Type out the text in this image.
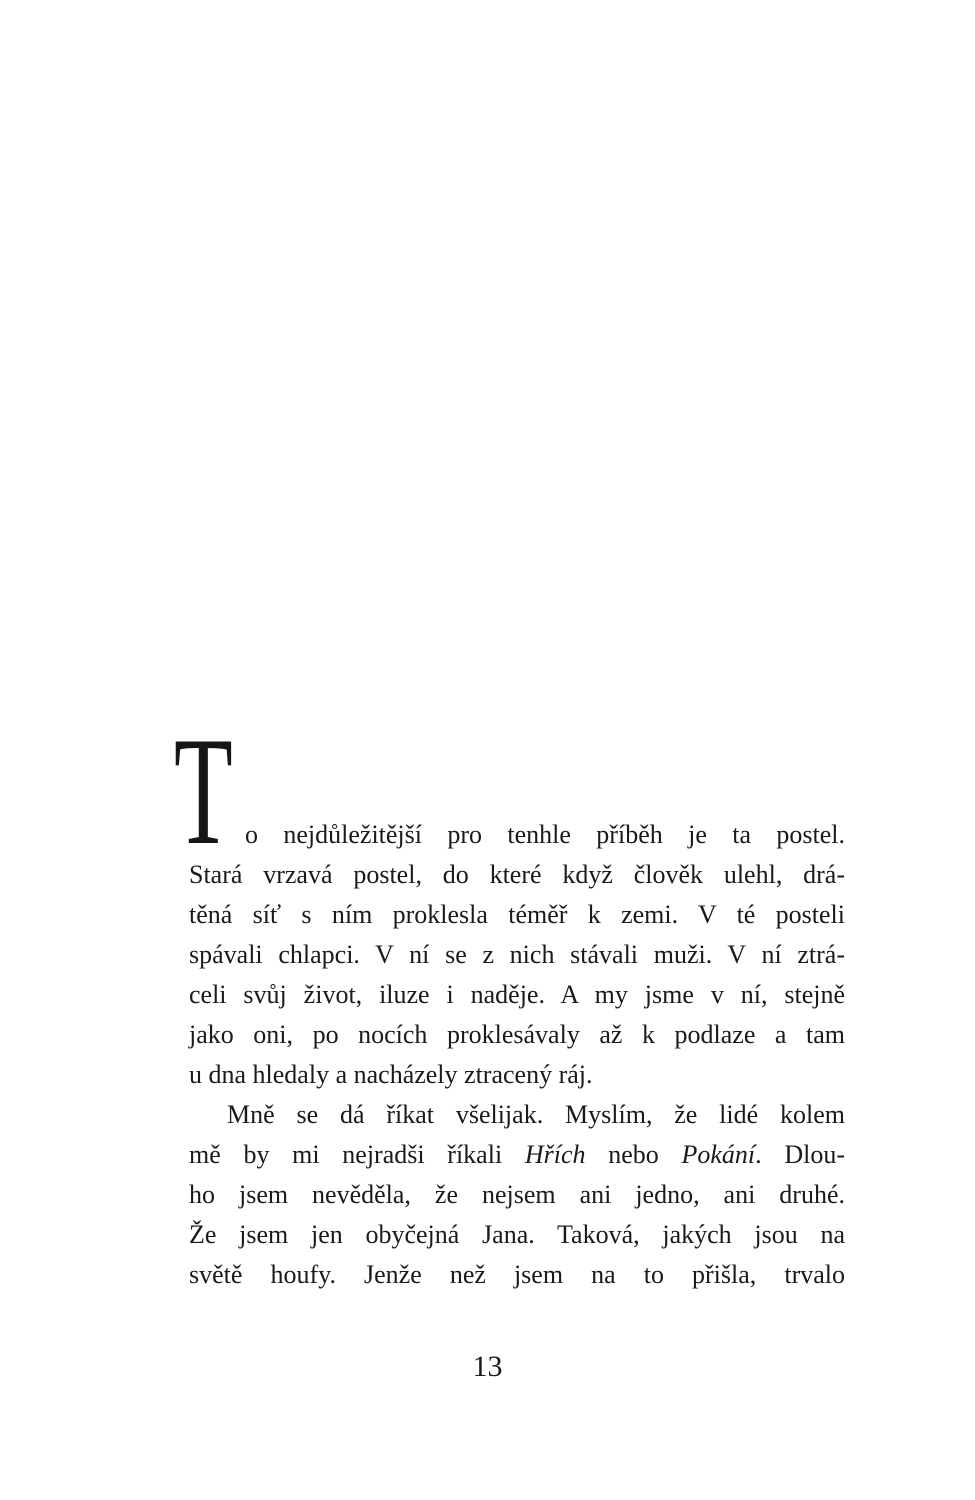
T o nejdůležitější pro tenhle příběh je ta postel.
Stará vrzavá postel, do které když člověk ulehl, drá-
těná síť s ním proklesla téměř k zemi. V té posteli
spávali chlapci. V ní se z nich stávali muži. V ní ztrá-
celi svůj život, iluze i naděje. A my jsme v ní, stejně
jako oni, po nocích proklesávaly až k podlaze a tam
u dna hledaly a nacházely ztracený ráj.
Mně se dá říkat všelijak. Myslím, že lidé kolem
mě by mi nejradši říkali Hřích nebo Pokání. Dlou-
ho jsem nevěděla, že nejsem ani jedno, ani druhé.
Že jsem jen obyčejná Jana. Taková, jakých jsou na
světě houfy. Jenže než jsem na to přišla, trvalo
13
